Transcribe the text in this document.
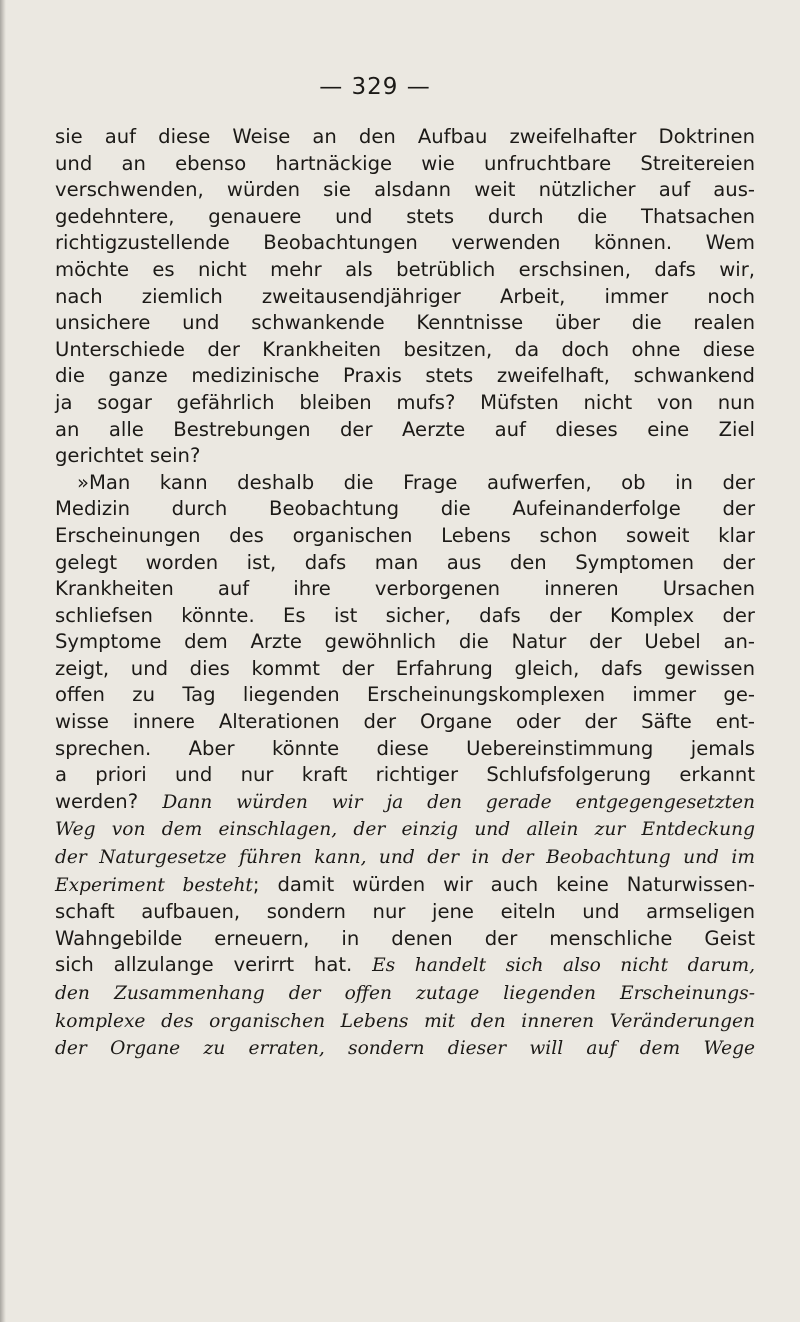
— 329 —
sie auf diese Weise an den Aufbau zweifelhafter Doktrinen
und an ebenso hartnäckige wie unfruchtbare Streitereien
verschwenden, würden sie alsdann weit nützlicher auf aus-
gedehntere, genauere und stets durch die Thatsachen
richtigzustellende Beobachtungen verwenden können. Wem
möchte es nicht mehr als betrüblich erschsinen, dafs wir,
nach ziemlich zweitausendjähriger Arbeit, immer noch
unsichere und schwankende Kenntnisse über die realen
Unterschiede der Krankheiten besitzen, da doch ohne diese
die ganze medizinische Praxis stets zweifelhaft, schwankend
ja sogar gefährlich bleiben mufs? Müfsten nicht von nun
an alle Bestrebungen der Aerzte auf dieses eine Ziel
gerichtet sein?
»Man kann deshalb die Frage aufwerfen, ob in der
Medizin durch Beobachtung die Aufeinanderfolge der
Erscheinungen des organischen Lebens schon soweit klar
gelegt worden ist, dafs man aus den Symptomen der
Krankheiten auf ihre verborgenen inneren Ursachen
schliefsen könnte. Es ist sicher, dafs der Komplex der
Symptome dem Arzte gewöhnlich die Natur der Uebel an-
zeigt, und dies kommt der Erfahrung gleich, dafs gewissen
offen zu Tag liegenden Erscheinungskomplexen immer ge-
wisse innere Alterationen der Organe oder der Säfte ent-
sprechen. Aber könnte diese Uebereinstimmung jemals
a priori und nur kraft richtiger Schlufsfolgerung erkannt
werden? Dann würden wir ja den gerade entgegengesetzten
Weg von dem einschlagen, der einzig und allein zur Entdeckung
der Naturgesetze führen kann, und der in der Beobachtung und im
Experiment besteht; damit würden wir auch keine Naturwissen-
schaft aufbauen, sondern nur jene eiteln und armseligen
Wahngebilde erneuern, in denen der menschliche Geist
sich allzulange verirrt hat. Es handelt sich also nicht darum,
den Zusammenhang der offen zutage liegenden Erscheinungs-
komplexe des organischen Lebens mit den inneren Veränderungen
der Organe zu erraten, sondern dieser will auf dem Wege
